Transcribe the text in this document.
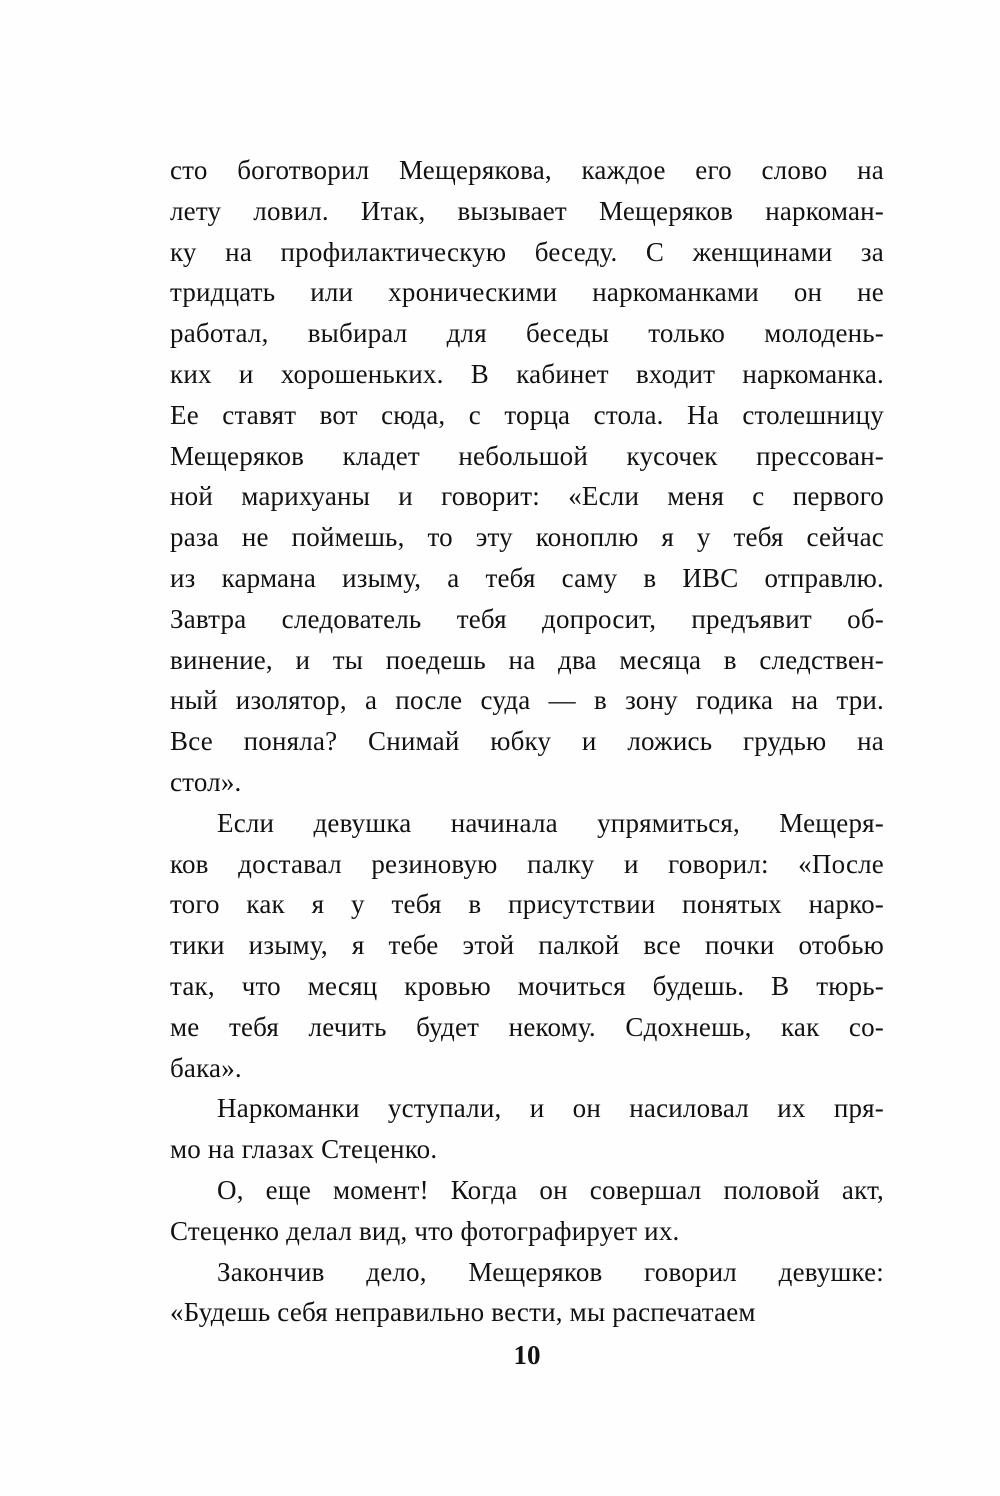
сто боготворил Мещерякова, каждое его слово на
лету ловил. Итак, вызывает Мещеряков наркоман-
ку на профилактическую беседу. С женщинами за
тридцать или хроническими наркоманками он не
работал, выбирал для беседы только молодень-
ких и хорошеньких. В кабинет входит наркоманка.
Ее ставят вот сюда, с торца стола. На столешницу
Мещеряков кладет небольшой кусочек прессован-
ной марихуаны и говорит: «Если меня с первого
раза не поймешь, то эту коноплю я у тебя сейчас
из кармана изыму, а тебя саму в ИВС отправлю.
Завтра следователь тебя допросит, предъявит об-
винение, и ты поедешь на два месяца в следствен-
ный изолятор, а после суда — в зону годика на три.
Все поняла? Снимай юбку и ложись грудью на
стол».
Если девушка начинала упрямиться, Мещеря-
ков доставал резиновую палку и говорил: «После
того как я у тебя в присутствии понятых нарко-
тики изыму, я тебе этой палкой все почки отобью
так, что месяц кровью мочиться будешь. В тюрь-
ме тебя лечить будет некому. Сдохнешь, как со-
бака».
Наркоманки уступали, и он насиловал их пря-
мо на глазах Стеценко.
О, еще момент! Когда он совершал половой акт,
Стеценко делал вид, что фотографирует их.
Закончив дело, Мещеряков говорил девушке:
«Будешь себя неправильно вести, мы распечатаем
10
